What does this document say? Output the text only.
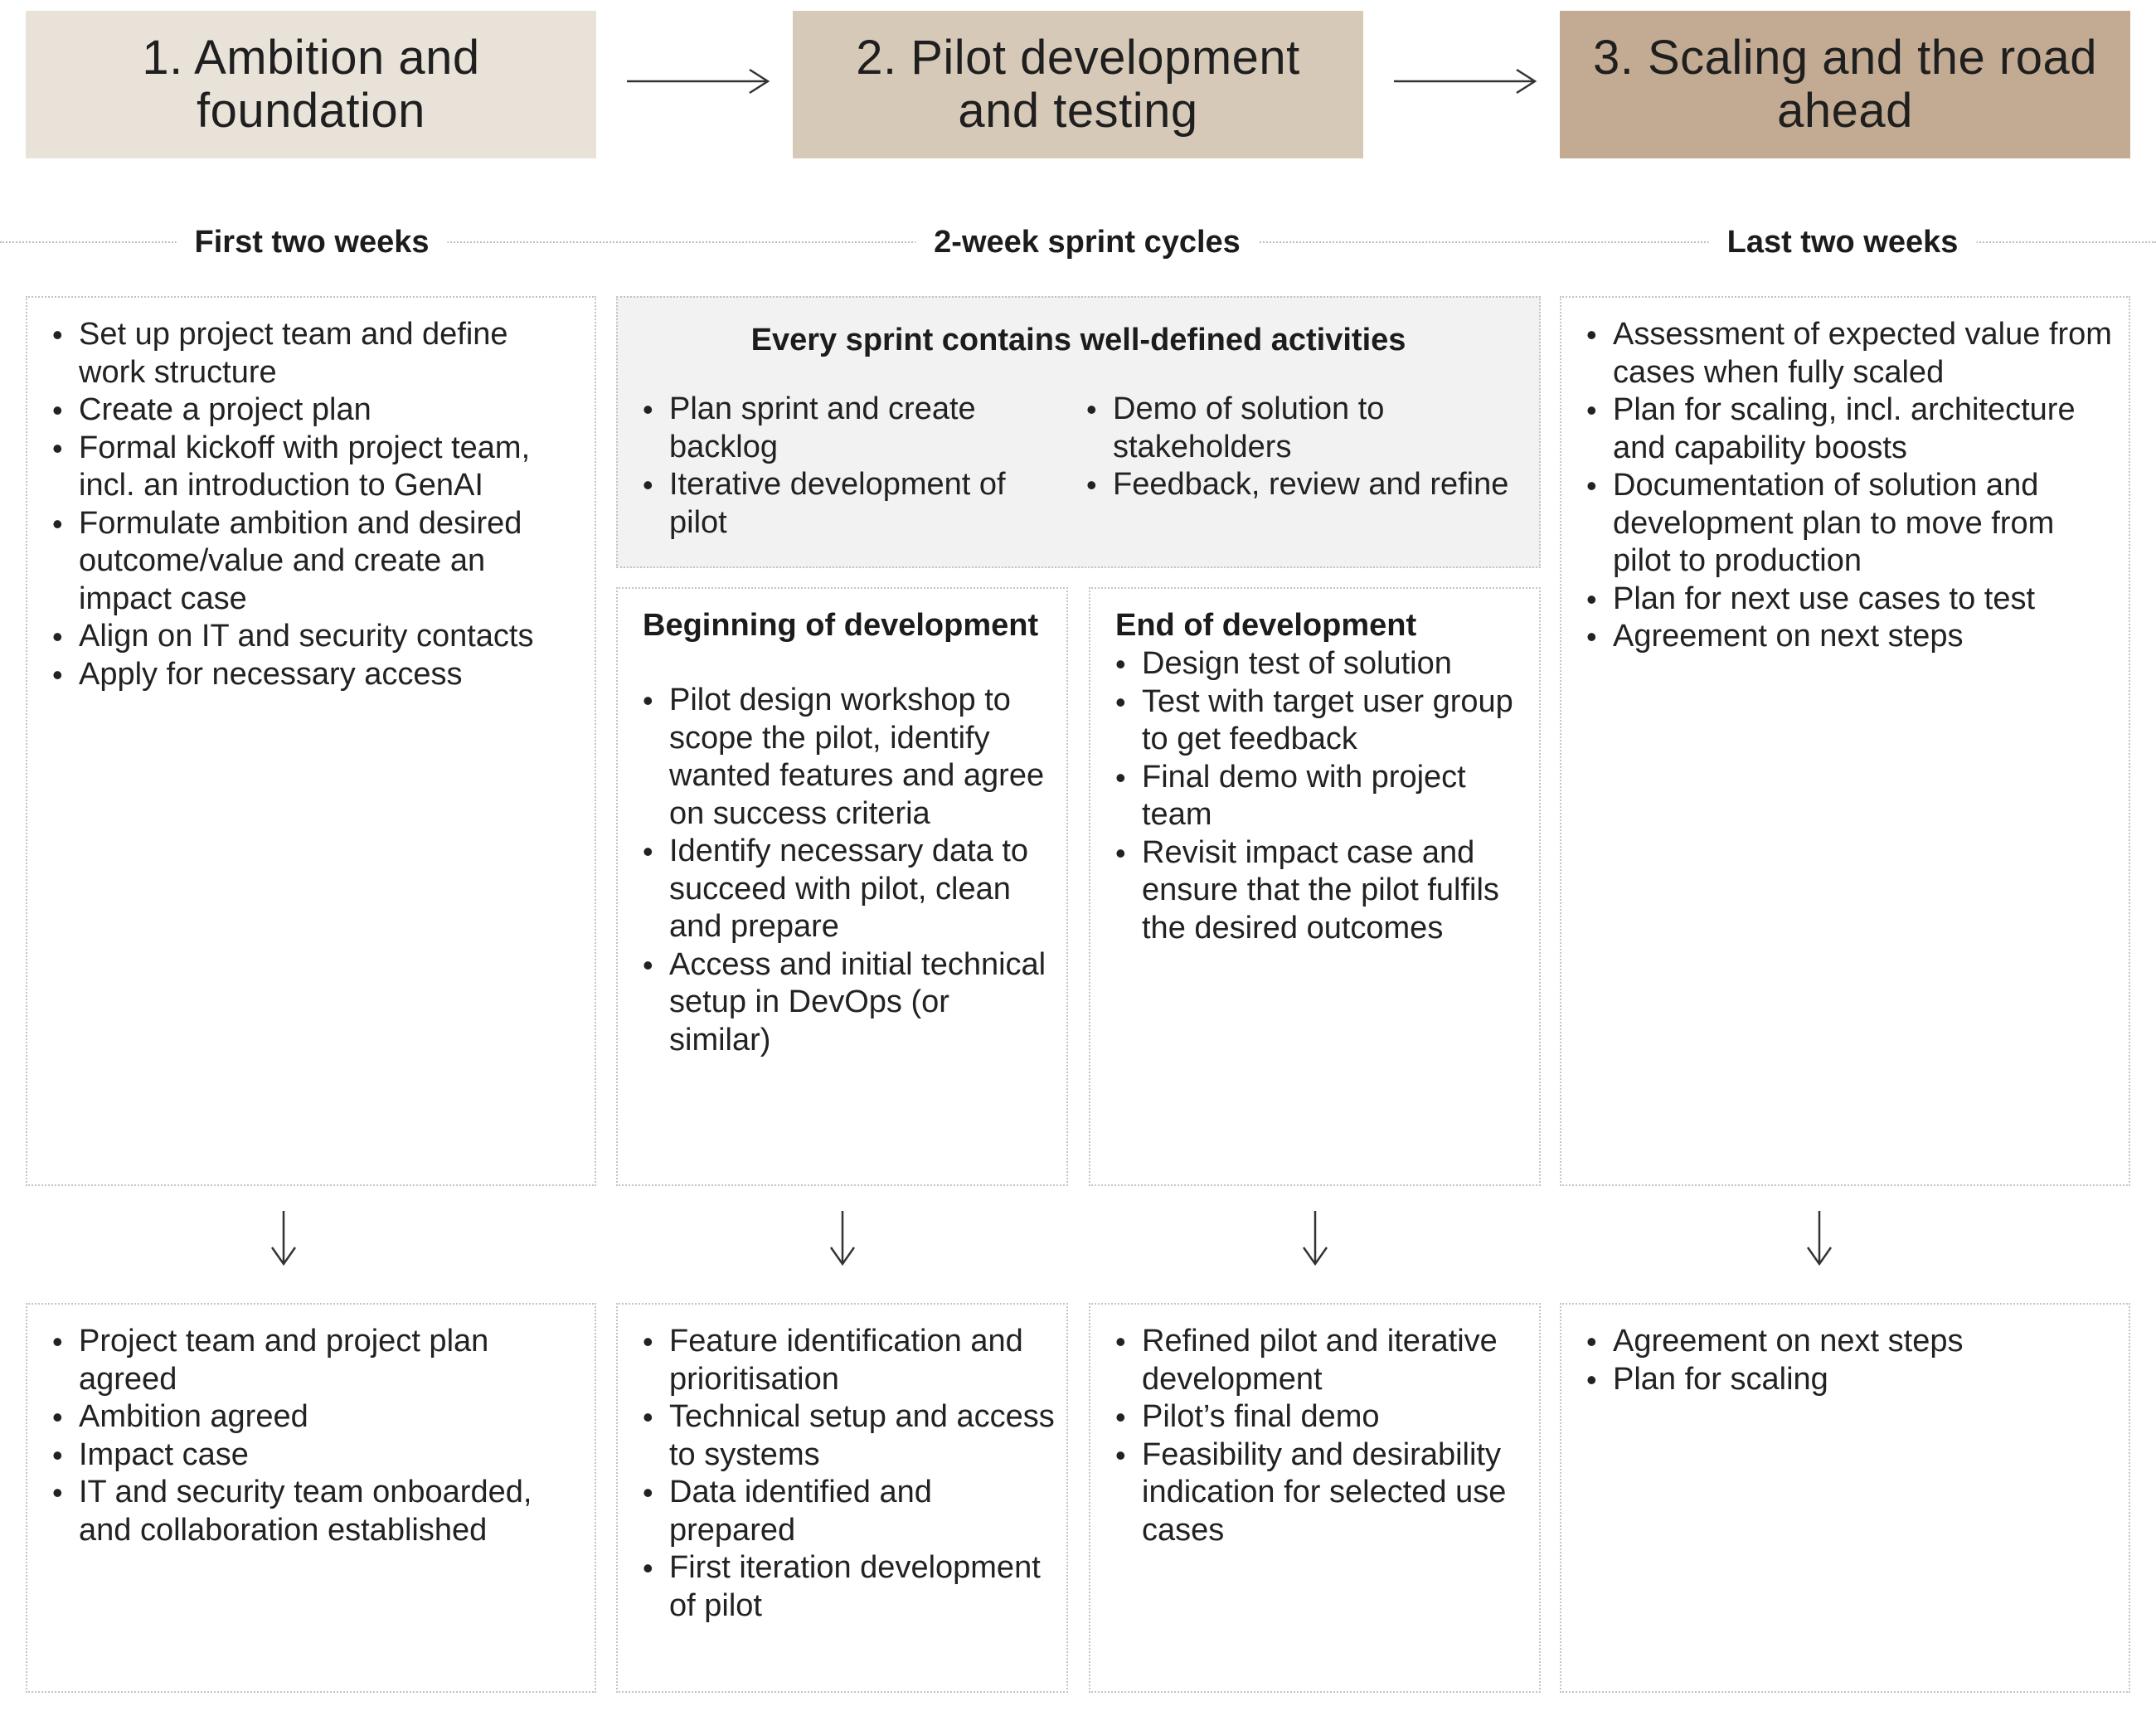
1. Ambition and foundation
2. Pilot development and testing
3. Scaling and the road ahead
First two weeks	2-week sprint cycles	Last two weeks
• Set up project team and define work structure
• Create a project plan
• Formal kickoff with project team, incl. an introduction to GenAI
• Formulate ambition and desired outcome/value and create an impact case
• Align on IT and security contacts
• Apply for necessary access
Every sprint contains well-defined activities
• Plan sprint and create backlog
• Iterative development of pilot
• Demo of solution to stakeholders
• Feedback, review and refine
Beginning of development
• Pilot design workshop to scope the pilot, identify wanted features and agree on success criteria
• Identify necessary data to succeed with pilot, clean and prepare
• Access and initial technical setup in DevOps (or similar)
End of development
• Design test of solution
• Test with target user group to get feedback
• Final demo with project team
• Revisit impact case and ensure that the pilot fulfils the desired outcomes
• Assessment of expected value from cases when fully scaled
• Plan for scaling, incl. architecture and capability boosts
• Documentation of solution and development plan to move from pilot to production
• Plan for next use cases to test
• Agreement on next steps
• Project team and project plan agreed
• Ambition agreed
• Impact case
• IT and security team onboarded, and collaboration established
• Feature identification and prioritisation
• Technical setup and access to systems
• Data identified and prepared
• First iteration development of pilot
• Refined pilot and iterative development
• Pilot’s final demo
• Feasibility and desirability indication for selected use cases
• Agreement on next steps
• Plan for scaling
